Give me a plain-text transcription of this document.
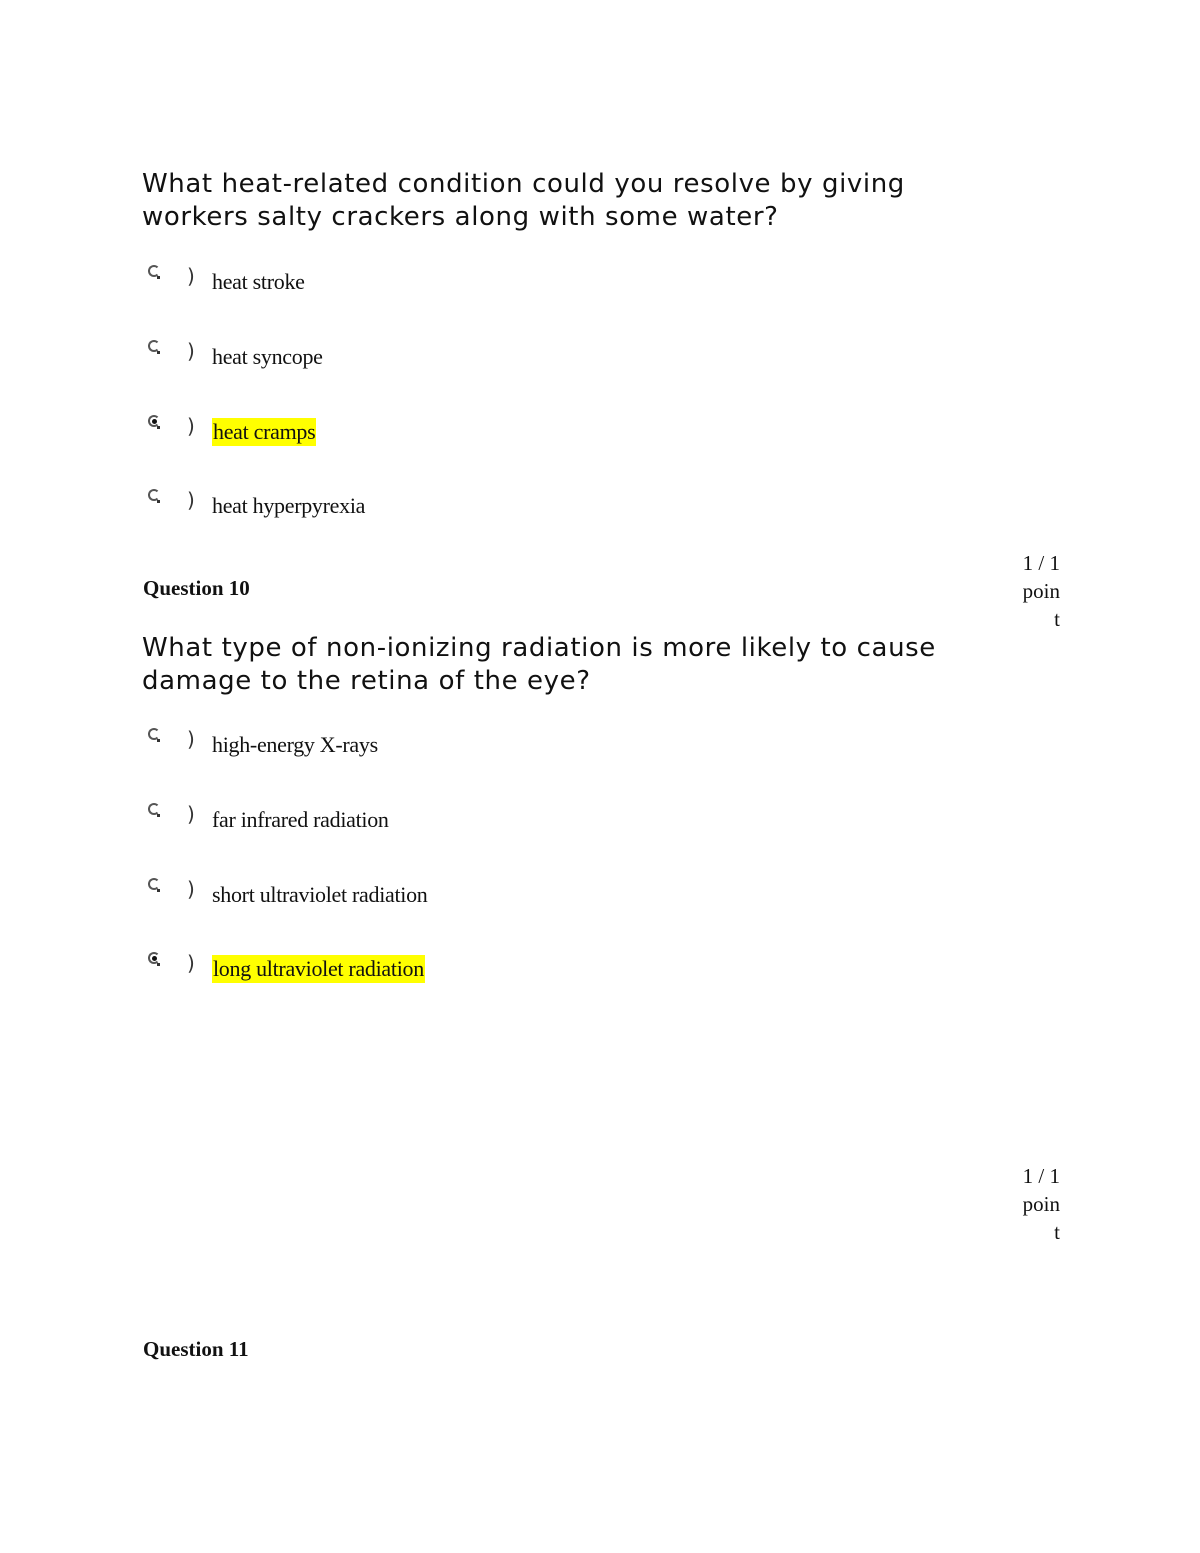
What heat-related condition could you resolve by giving workers salty crackers along with some water?

) heat stroke
) heat syncope
) heat cramps
) heat hyperpyrexia
Question 10
1 / 1
poin
t

What type of non-ionizing radiation is more likely to cause damage to the retina of the eye?

) high-energy X-rays
) far infrared radiation
) short ultraviolet radiation
) long ultraviolet radiation
1 / 1
poin
t
Question 11
